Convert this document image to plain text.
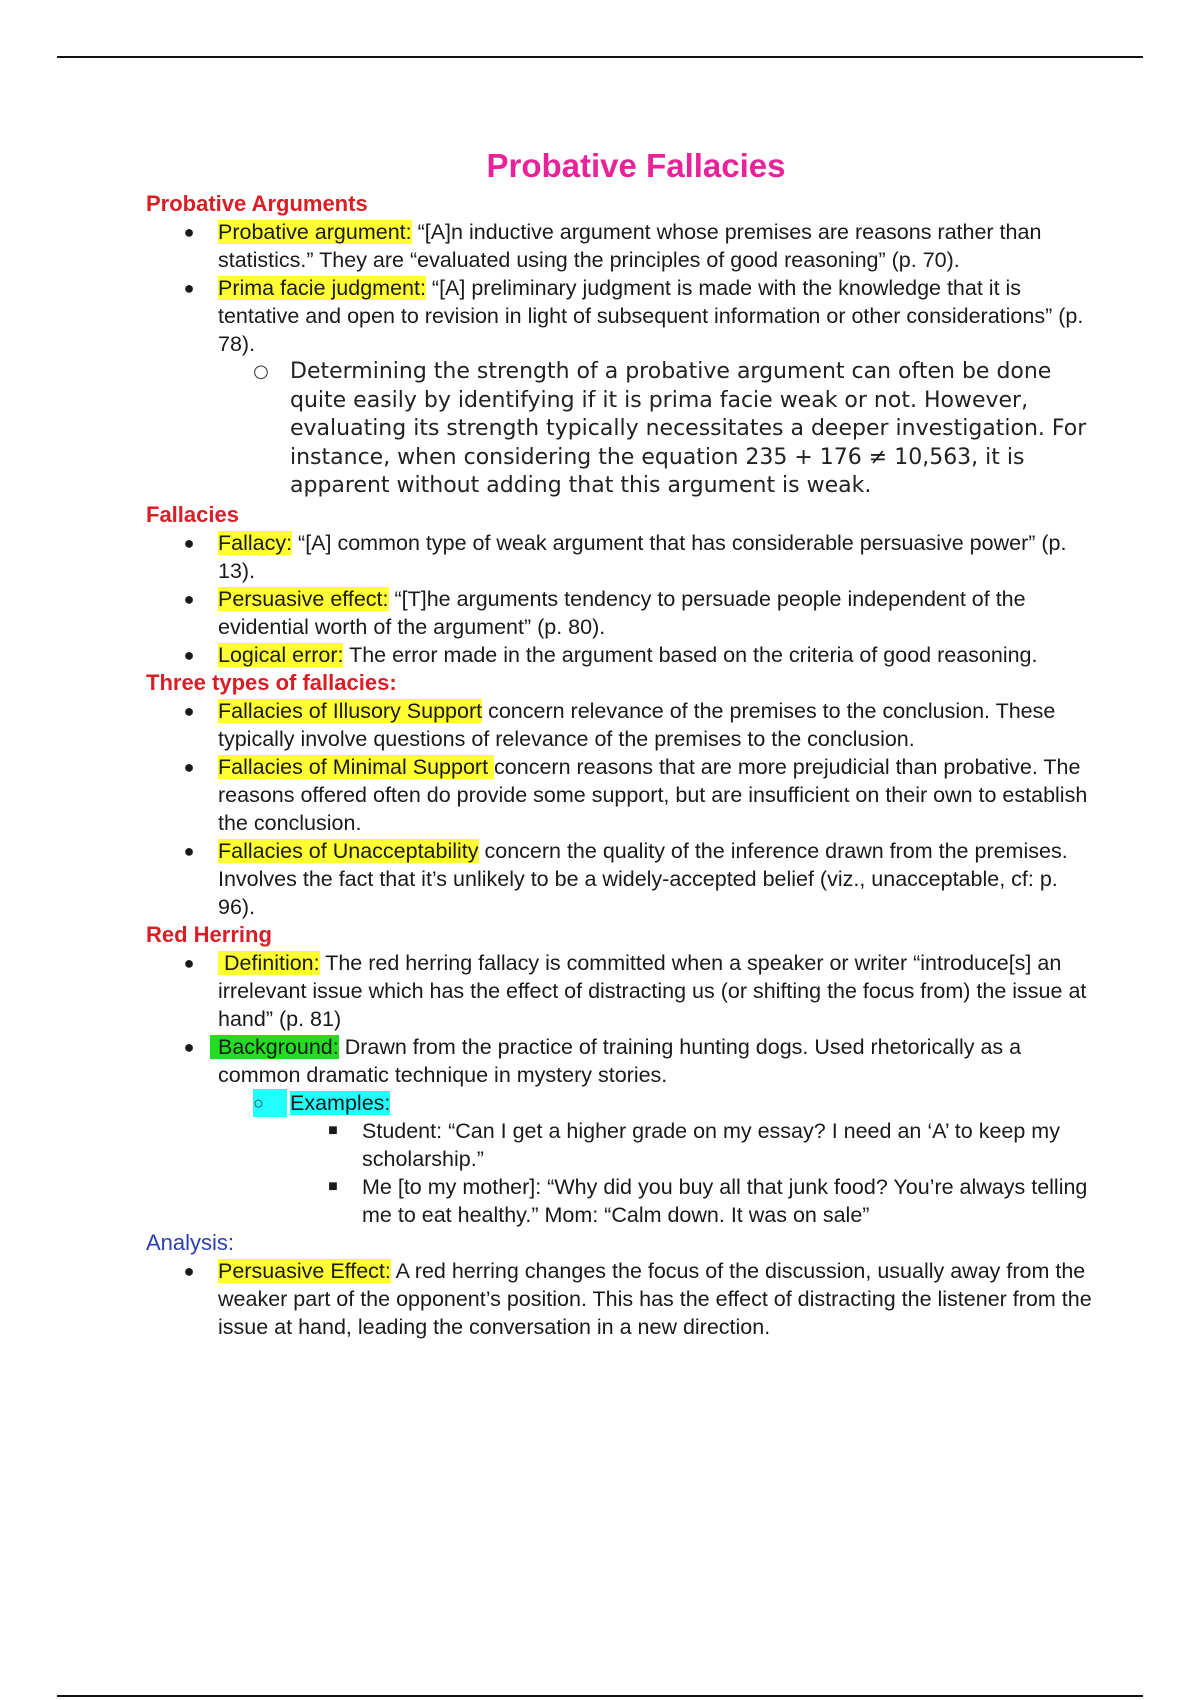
Probative Fallacies
Probative Arguments
● Probative argument: “[A]n inductive argument whose premises are reasons rather than statistics.” They are “evaluated using the principles of good reasoning” (p. 70).
● Prima facie judgment: “[A] preliminary judgment is made with the knowledge that it is tentative and open to revision in light of subsequent information or other considerations” (p. 78).
○ Determining the strength of a probative argument can often be done quite easily by identifying if it is prima facie weak or not. However, evaluating its strength typically necessitates a deeper investigation. For instance, when considering the equation 235 + 176 ≠ 10,563, it is apparent without adding that this argument is weak.
Fallacies
● Fallacy: “[A] common type of weak argument that has considerable persuasive power” (p. 13).
● Persuasive effect: “[T]he arguments tendency to persuade people independent of the evidential worth of the argument” (p. 80).
● Logical error: The error made in the argument based on the criteria of good reasoning.
Three types of fallacies:
● Fallacies of Illusory Support concern relevance of the premises to the conclusion. These typically involve questions of relevance of the premises to the conclusion.
● Fallacies of Minimal Support concern reasons that are more prejudicial than probative. The reasons offered often do provide some support, but are insufficient on their own to establish the conclusion.
● Fallacies of Unacceptability concern the quality of the inference drawn from the premises. Involves the fact that it’s unlikely to be a widely-accepted belief (viz., unacceptable, cf: p. 96).
Red Herring
● Definition: The red herring fallacy is committed when a speaker or writer “introduce[s] an irrelevant issue which has the effect of distracting us (or shifting the focus from) the issue at hand” (p. 81)
● Background: Drawn from the practice of training hunting dogs. Used rhetorically as a common dramatic technique in mystery stories.
○	Examples:
■ Student: “Can I get a higher grade on my essay? I need an ‘A’ to keep my scholarship.”
■ Me [to my mother]: “Why did you buy all that junk food? You’re always telling me to eat healthy.” Mom: “Calm down. It was on sale”
Analysis:
● Persuasive Effect: A red herring changes the focus of the discussion, usually away from the weaker part of the opponent’s position. This has the effect of distracting the listener from the issue at hand, leading the conversation in a new direction.
